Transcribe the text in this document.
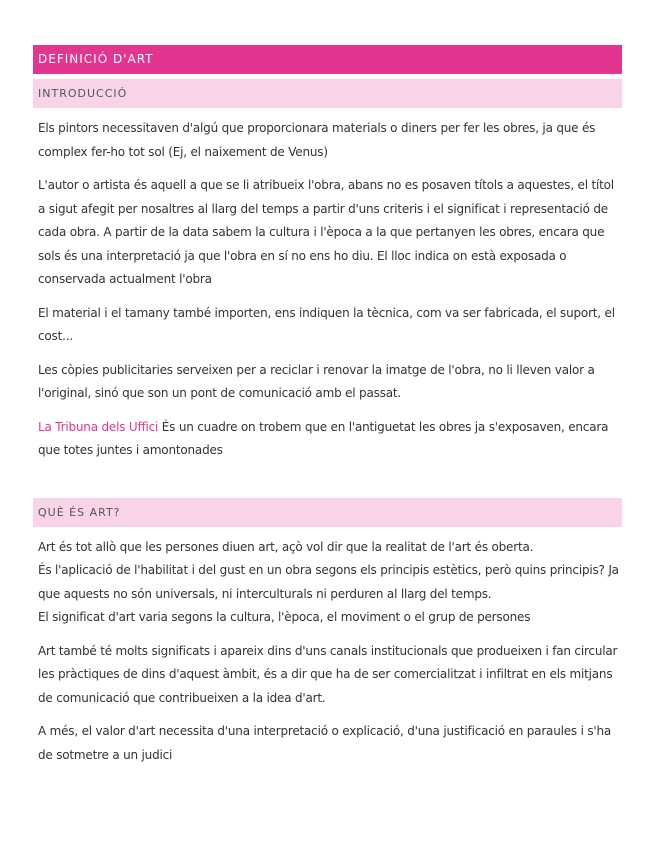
DEFINICIÓ D'ART
INTRODUCCIÓ

Els pintors necessitaven d'algú que proporcionara materials o diners per fer les obres, ja que és complex fer-ho tot sol (Ej, el naixement de Venus)

L'autor o artista és aquell a que se li atribueix l'obra, abans no es posaven títols a aquestes, el títol a sigut afegit per nosaltres al llarg del temps a partir d'uns criteris i el significat i representació de cada obra. A partir de la data sabem la cultura i l'època a la que pertanyen les obres, encara que sols és una interpretació ja que l'obra en sí no ens ho diu. El lloc indica on està exposada o conservada actualment l'obra

El material i el tamany també importen, ens indiquen la tècnica, com va ser fabricada, el suport, el cost...

Les còpies publicitaries serveixen per a reciclar i renovar la imatge de l'obra, no li lleven valor a l'original, sinó que son un pont de comunicació amb el passat.

La Tribuna dels Uffici És un cuadre on trobem que en l'antiguetat les obres ja s'exposaven, encara que totes juntes i amontonades

QUÈ ÉS ART?

Art és tot allò que les persones diuen art, açò vol dir que la realitat de l'art és oberta.
És l'aplicació de l'habilitat i del gust en un obra segons els principis estètics, però quins principis? Ja que aquests no són universals, ni interculturals ni perduren al llarg del temps.
El significat d'art varia segons la cultura, l'època, el moviment o el grup de persones

Art també té molts significats i apareix dins d'uns canals institucionals que produeixen i fan circular les pràctiques de dins d'aquest àmbit, és a dir que ha de ser comercialitzat i infiltrat en els mitjans de comunicació que contribueixen a la idea d'art.

A més, el valor d'art necessita d'una interpretació o explicació, d'una justificació en paraules i s'ha de sotmetre a un judici
